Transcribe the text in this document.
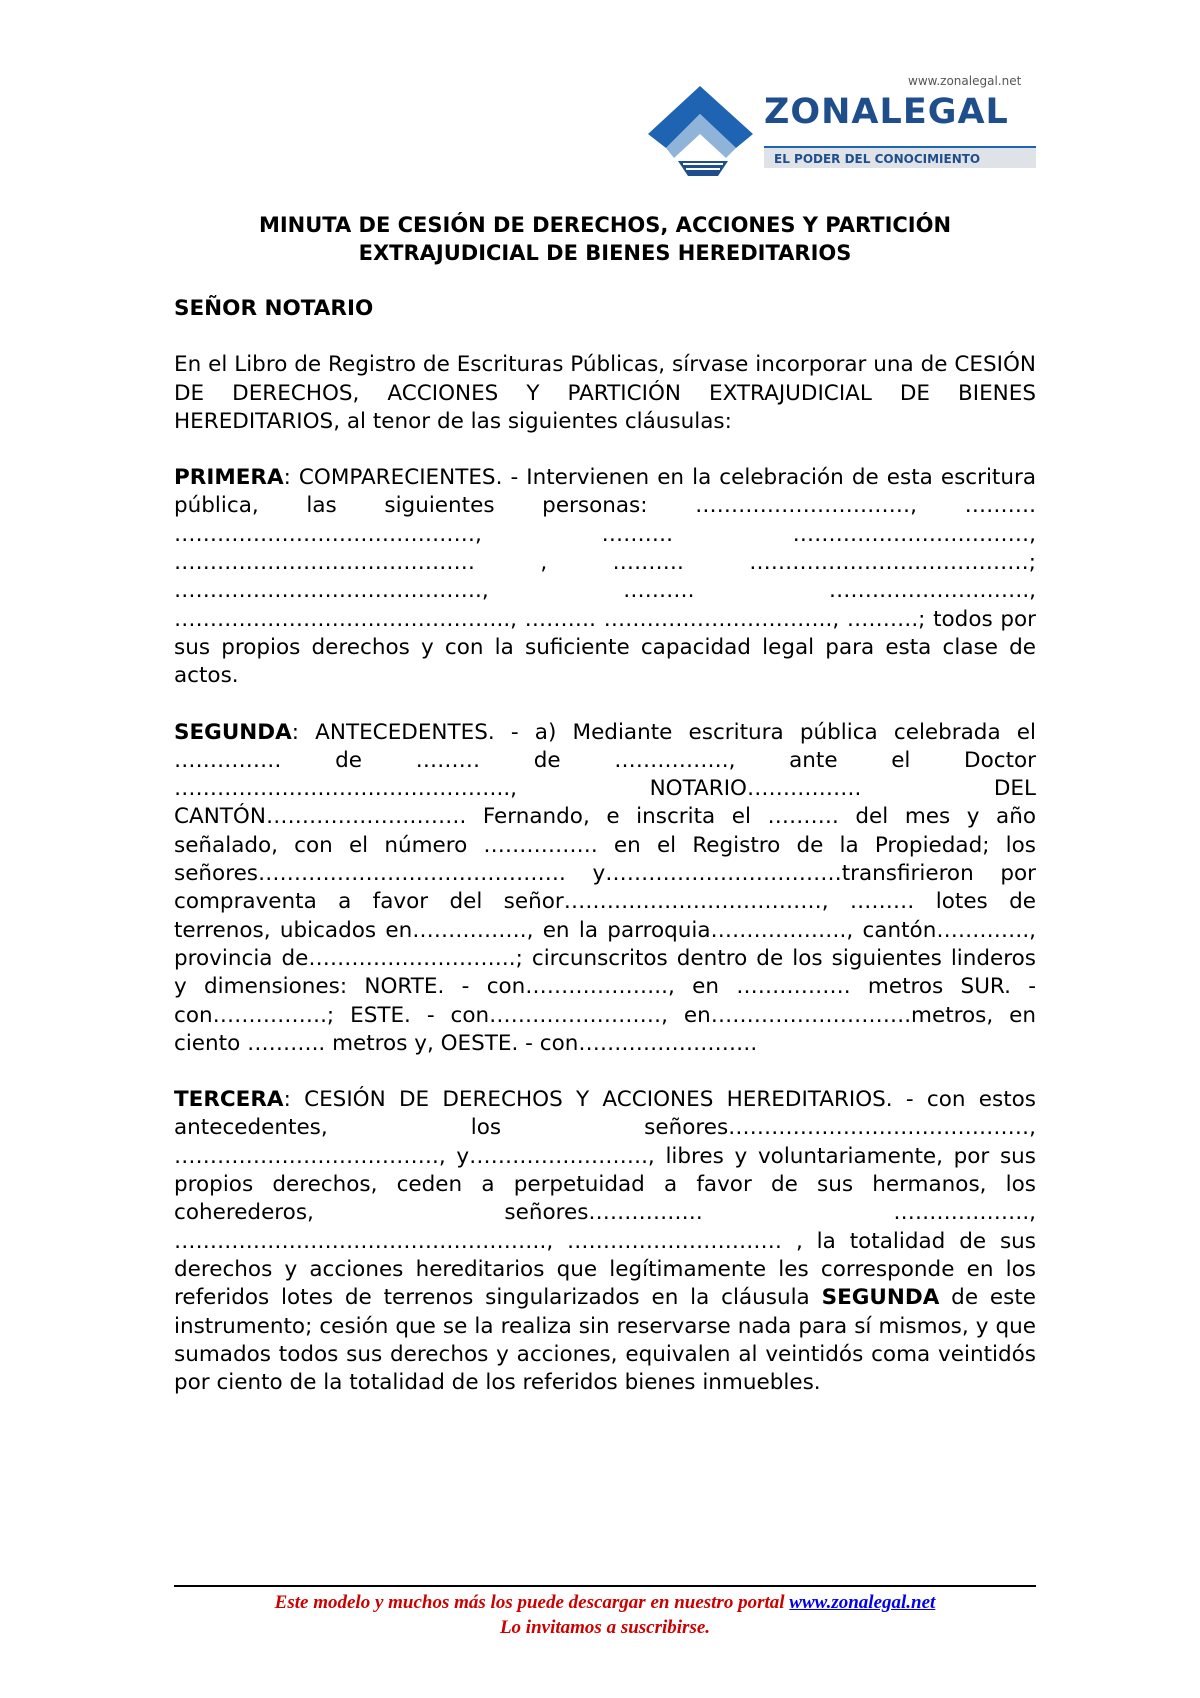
www.zonalegal.net
ZONALEGAL
EL PODER DEL CONOCIMIENTO

MINUTA DE CESIÓN DE DERECHOS, ACCIONES Y PARTICIÓN
EXTRAJUDICIAL DE BIENES HEREDITARIOS

SEÑOR NOTARIO

En el Libro de Registro de Escrituras Públicas, sírvase incorporar una de CESIÓN DE DERECHOS, ACCIONES Y PARTICIÓN EXTRAJUDICIAL DE BIENES HEREDITARIOS, al tenor de las siguientes cláusulas:

PRIMERA: COMPARECIENTES. - Intervienen en la celebración de esta escritura pública, las siguientes personas: …………………………, ………. ……………………………………, ………. ……………………………, …………………………………… , ………. …………………………………; ……………………………………., ………. ………………………., ……………………………………….., ………. ………………………….., ……….; todos por sus propios derechos y con la suficiente capacidad legal para esta clase de actos.

SEGUNDA: ANTECEDENTES. - a) Mediante escritura pública celebrada el …………… de ……… de ……………., ante el Doctor ……………………………………….., NOTARIO……………. DEL CANTÓN………………………. Fernando, e inscrita el ………. del mes y año señalado, con el número ……………. en el Registro de la Propiedad; los señores……………………………………. y……………………………transfirieron por compraventa a favor del señor………………………………, ……… lotes de terrenos, ubicados en……………., en la parroquia………………., cantón…………., provincia de………………………..; circunscritos dentro de los siguientes linderos y dimensiones: NORTE. - con……………….., en ……………. metros SUR. - con…………….; ESTE. - con……………………, en……………………….metros, en ciento ……….. metros y, OESTE. - con…………………….

TERCERA: CESIÓN DE DERECHOS Y ACCIONES HEREDITARIOS. - con estos antecedentes, los señores……………………………………, ………………………………., y……………………., libres y voluntariamente, por sus propios derechos, ceden a perpetuidad a favor de sus hermanos, los coherederos, señores……………. ………………., ……………………………………………., ………………………… , la totalidad de sus derechos y acciones hereditarios que legítimamente les corresponde en los referidos lotes de terrenos singularizados en la cláusula SEGUNDA de este instrumento; cesión que se la realiza sin reservarse nada para sí mismos, y que sumados todos sus derechos y acciones, equivalen al veintidós coma veintidós por ciento de la totalidad de los referidos bienes inmuebles.

Este modelo y muchos más los puede descargar en nuestro portal www.zonalegal.net
Lo invitamos a suscribirse.
